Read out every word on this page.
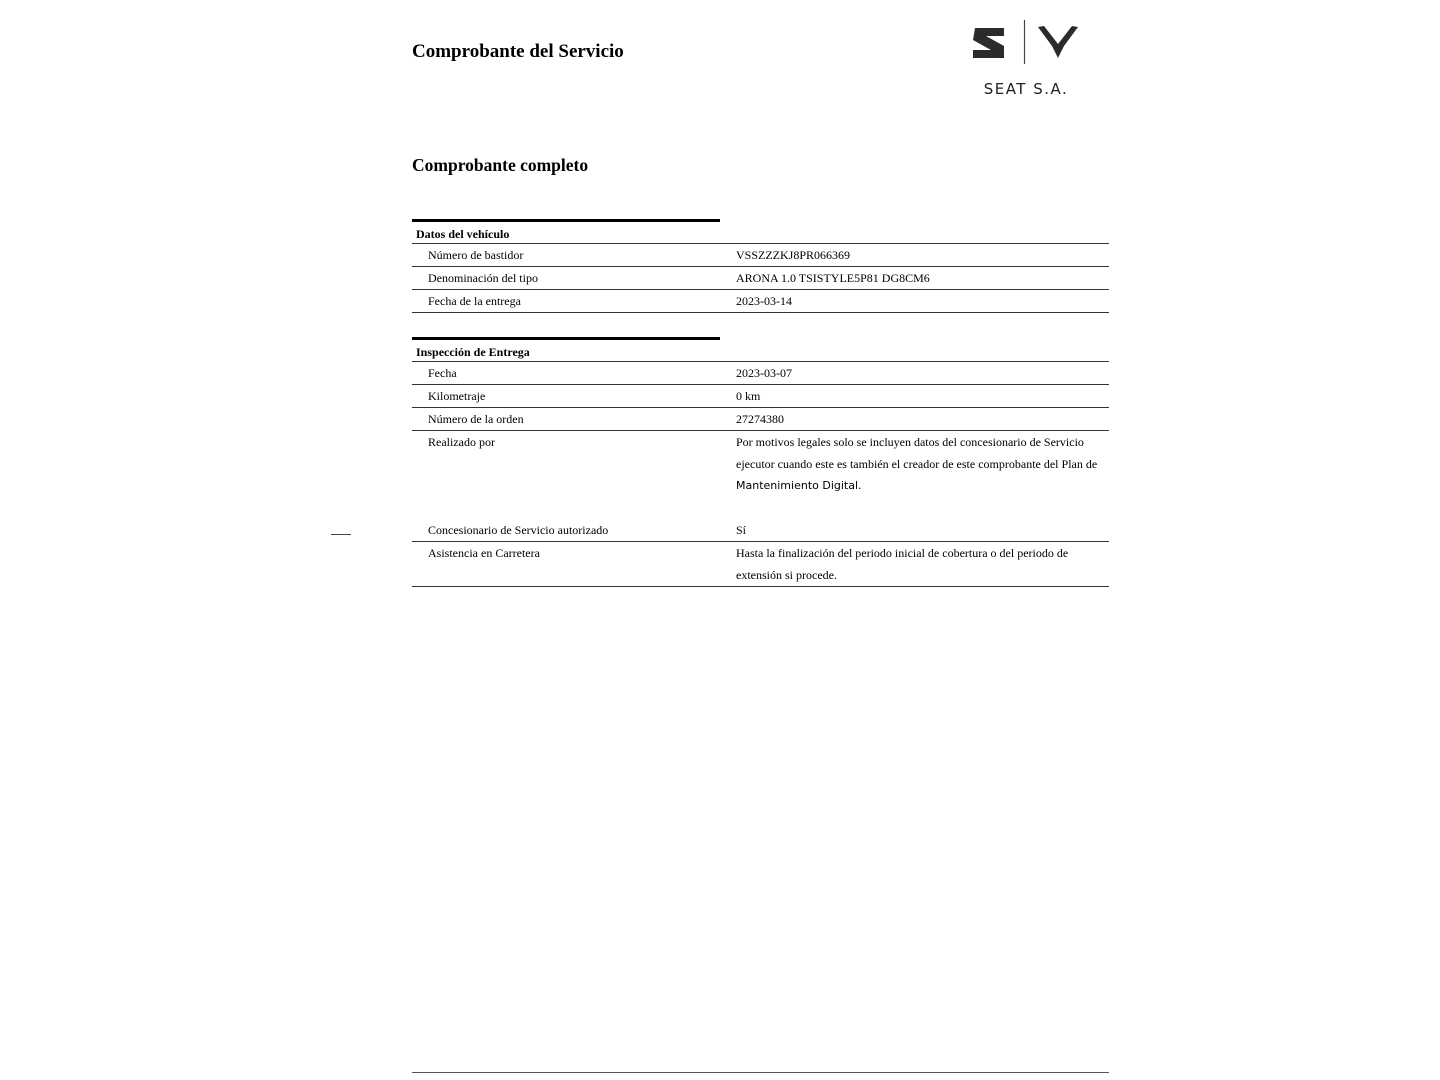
Comprobante del Servicio
SEAT S.A.
Comprobante completo
Datos del vehículo
Número de bastidor	VSSZZZKJ8PR066369
Denominación del tipo	ARONA 1.0 TSISTYLE5P81 DG8CM6
Fecha de la entrega	2023-03-14
Inspección de Entrega
Fecha	2023-03-07
Kilometraje	0 km
Número de la orden	27274380
Realizado por	Por motivos legales solo se incluyen datos del concesionario de Servicio
ejecutor cuando este es también el creador de este comprobante del Plan de
Mantenimiento Digital.
Concesionario de Servicio autorizado	Sí
Asistencia en Carretera	Hasta la finalización del periodo inicial de cobertura o del periodo de extensión si procede.
